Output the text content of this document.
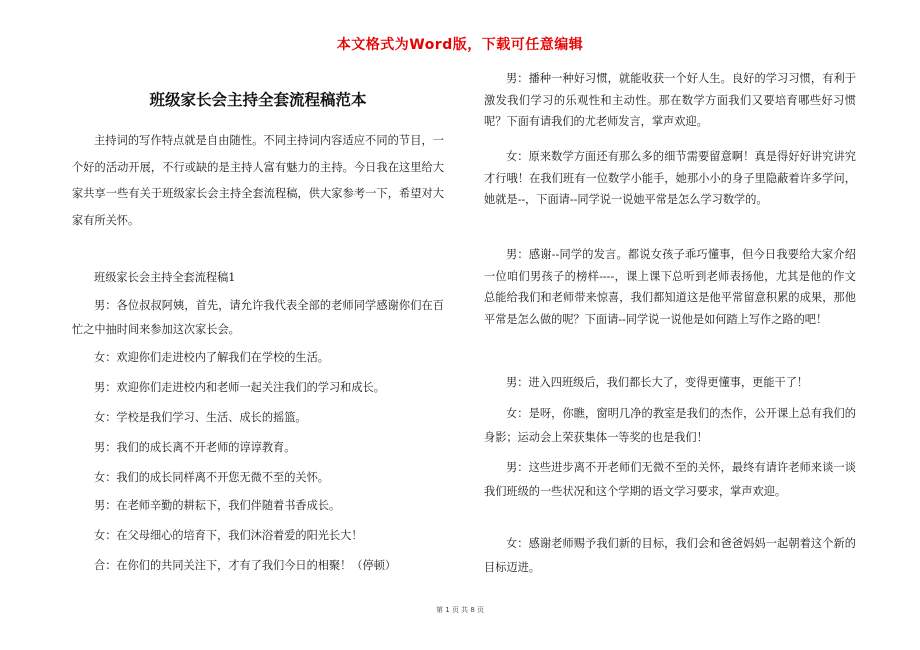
本文格式为Word版，下载可任意编辑
班级家长会主持全套流程稿范本
主持词的写作特点就是自由随性。不同主持词内容适应不同的节目，一个好的活动开展，不行或缺的是主持人富有魅力的主持。今日我在这里给大家共享一些有关于班级家长会主持全套流程稿，供大家参考一下，希望对大家有所关怀。
班级家长会主持全套流程稿1
男：各位叔叔阿姨，首先，请允许我代表全部的老师同学感谢你们在百忙之中抽时间来参加这次家长会。
女：欢迎你们走进校内了解我们在学校的生活。
男：欢迎你们走进校内和老师一起关注我们的学习和成长。
女：学校是我们学习、生活、成长的摇篮。
男：我们的成长离不开老师的谆谆教育。
女：我们的成长同样离不开您无微不至的关怀。
男：在老师辛勤的耕耘下，我们伴随着书香成长。
女：在父母细心的培育下，我们沐浴着爱的阳光长大！
合：在你们的共同关注下，才有了我们今日的相聚！（停顿）
男：播种一种好习惯，就能收获一个好人生。良好的学习习惯，有利于激发我们学习的乐观性和主动性。那在数学方面我们又要培育哪些好习惯呢？下面有请我们的尤老师发言，掌声欢迎。
女：原来数学方面还有那么多的细节需要留意啊！真是得好好讲究讲究才行哦！在我们班有一位数学小能手，她那小小的身子里隐蔽着许多学问，她就是--，下面请--同学说一说她平常是怎么学习数学的。
男：感谢--同学的发言。都说女孩子乖巧懂事，但今日我要给大家介绍一位咱们男孩子的榜样----，课上课下总听到老师表扬他，尤其是他的作文总能给我们和老师带来惊喜，我们都知道这是他平常留意积累的成果，那他平常是怎么做的呢？下面请--同学说一说他是如何踏上写作之路的吧！
男：进入四班级后，我们都长大了，变得更懂事，更能干了！
女：是呀，你瞧，窗明几净的教室是我们的杰作，公开课上总有我们的身影；运动会上荣获集体一等奖的也是我们！
男：这些进步离不开老师们无微不至的关怀，最终有请许老师来谈一谈我们班级的一些状况和这个学期的语文学习要求，掌声欢迎。
女：感谢老师赐予我们新的目标，我们会和爸爸妈妈一起朝着这个新的目标迈进。
第 1 页 共 8 页
